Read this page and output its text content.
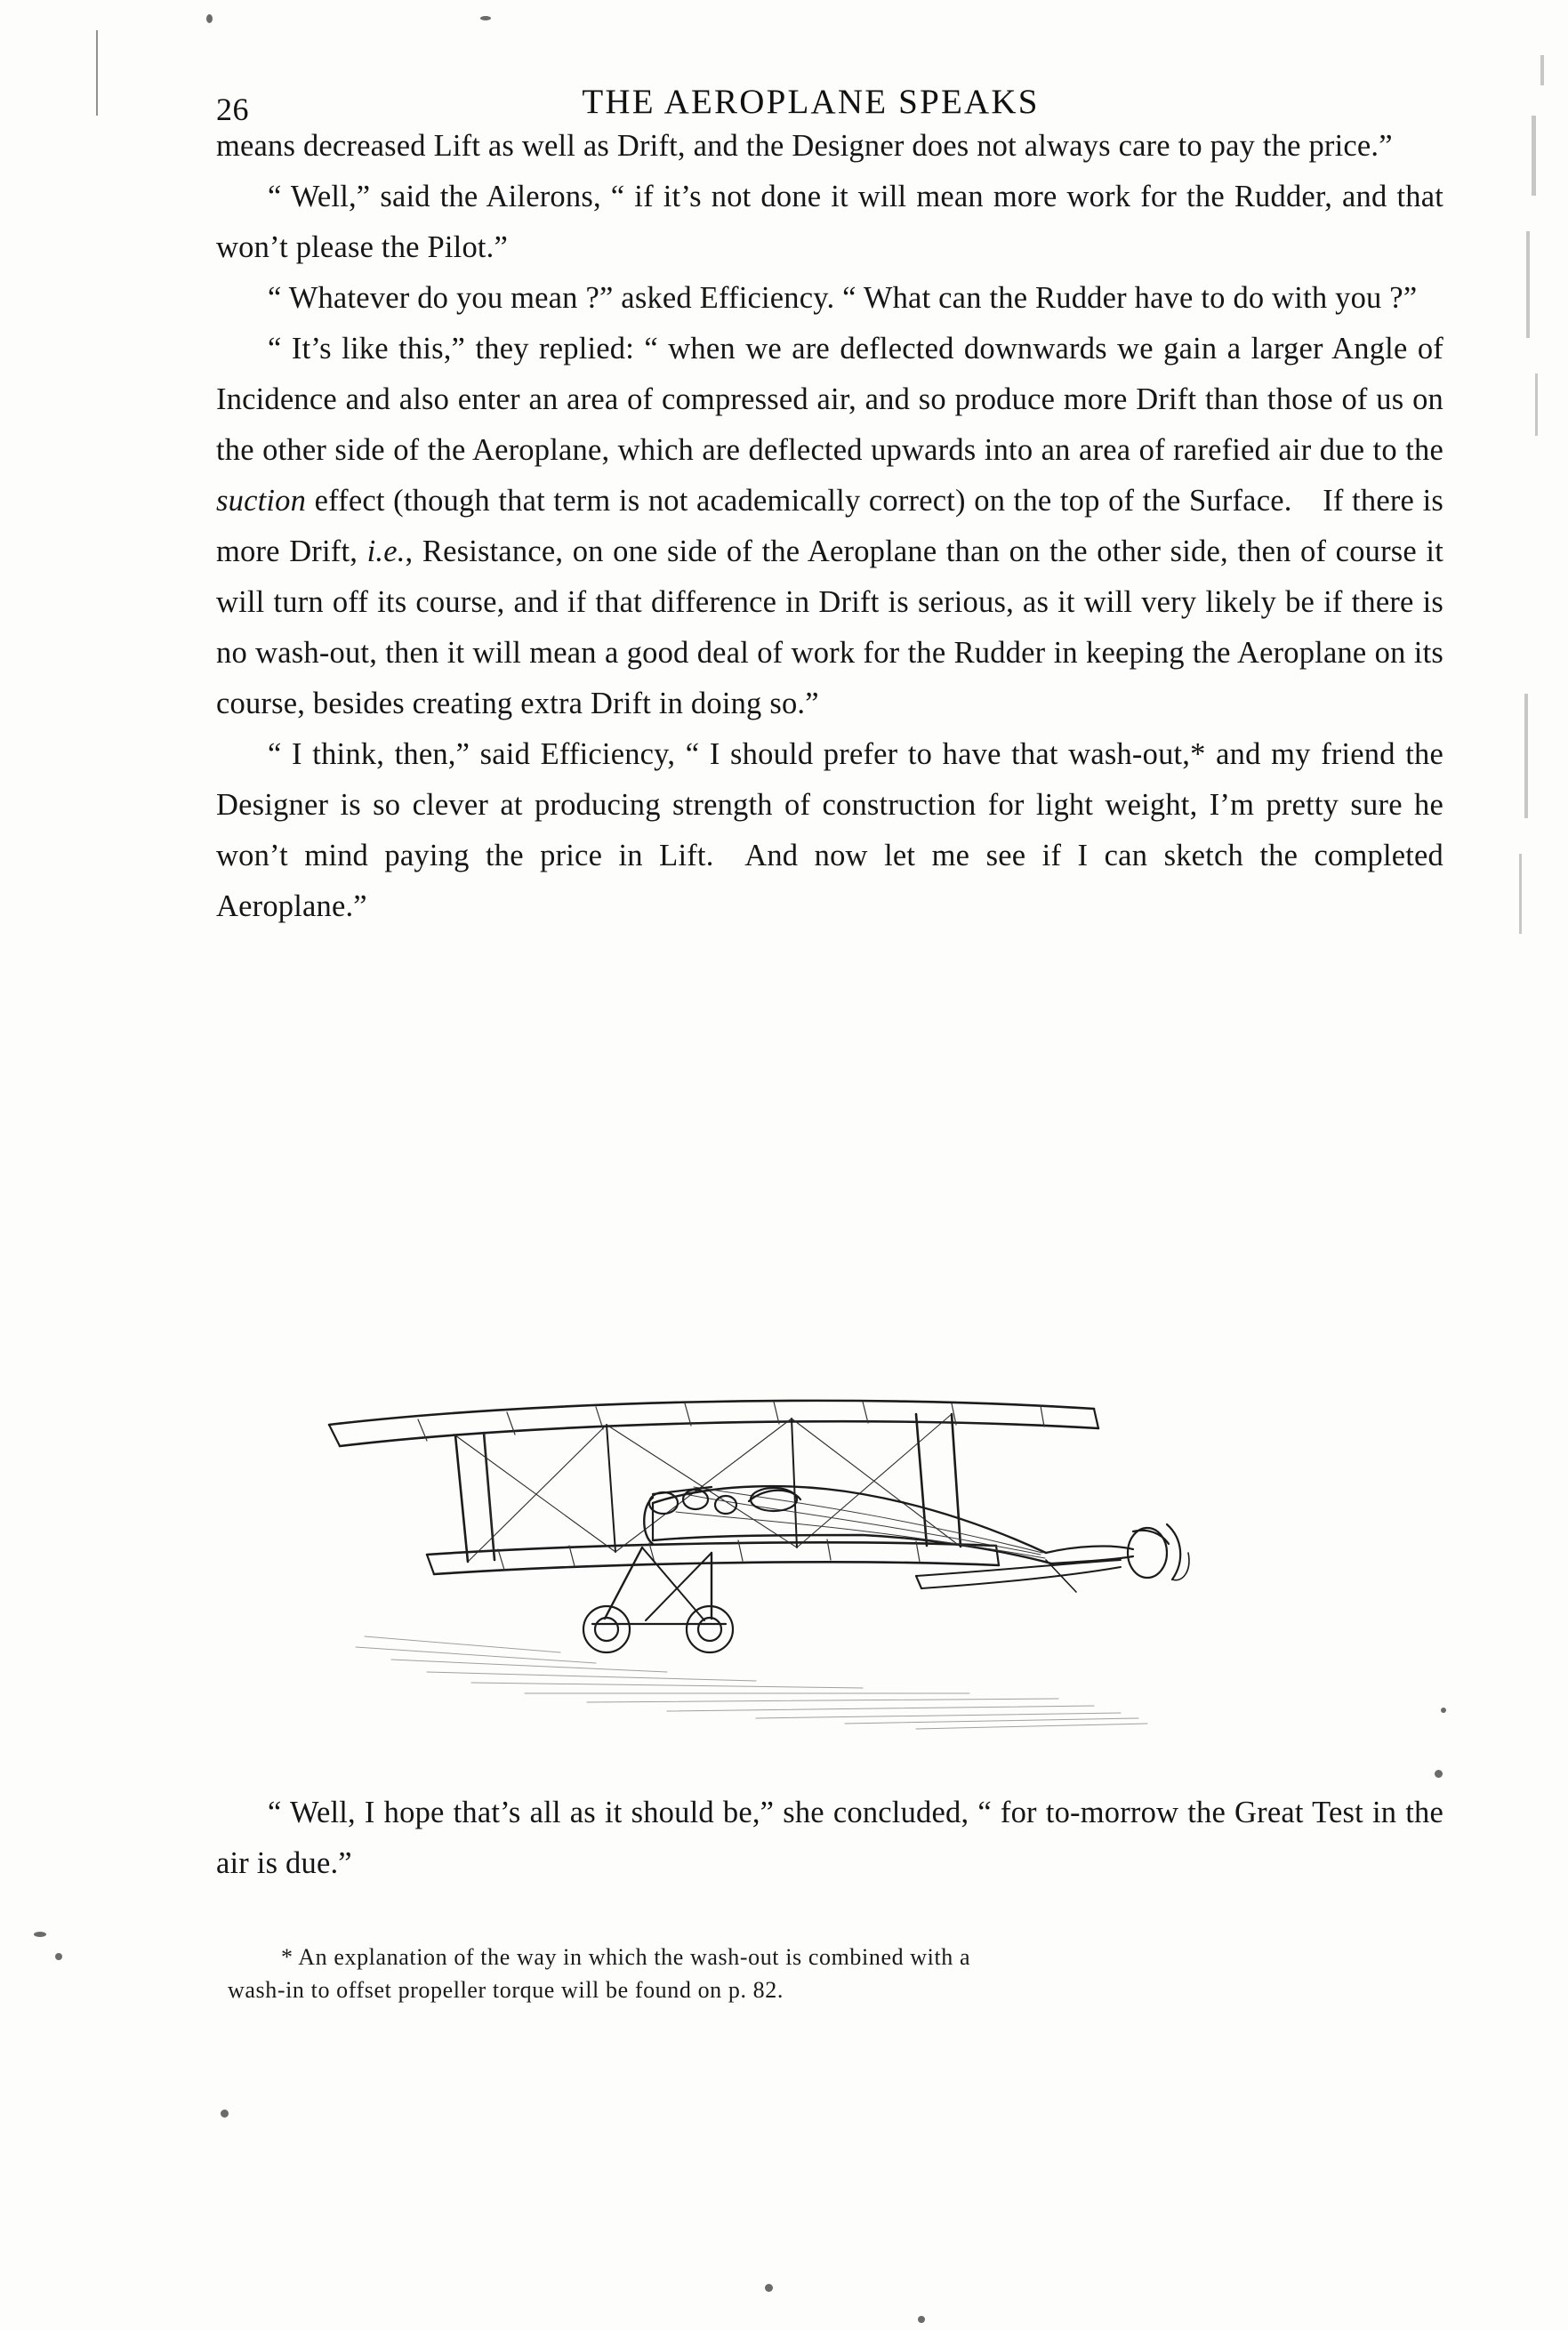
26	THE AEROPLANE SPEAKS

means decreased Lift as well as Drift, and the Designer does not always care to pay the price.”

“ Well,” said the Ailerons, “ if it’s not done it will mean more work for the Rudder, and that won’t please the Pilot.”

“ Whatever do you mean ?” asked Efficiency. “ What can the Rudder have to do with you ?”

“ It’s like this,” they replied: “ when we are deflected downwards we gain a larger Angle of Incidence and also enter an area of compressed air, and so produce more Drift than those of us on the other side of the Aeroplane, which are deflected upwards into an area of rarefied air due to the suction effect (though that term is not academically correct) on the top of the Surface. If there is more Drift, i.e., Resistance, on one side of the Aeroplane than on the other side, then of course it will turn off its course, and if that difference in Drift is serious, as it will very likely be if there is no wash-out, then it will mean a good deal of work for the Rudder in keeping the Aeroplane on its course, besides creating extra Drift in doing so.”

“ I think, then,” said Efficiency, “ I should prefer to have that wash-out,* and my friend the Designer is so clever at producing strength of construction for light weight, I’m pretty sure he won’t mind paying the price in Lift. And now let me see if I can sketch the completed Aeroplane.”

“ Well, I hope that’s all as it should be,” she concluded, “ for to-morrow the Great Test in the air is due.”

* An explanation of the way in which the wash-out is combined with a

wash-in to offset propeller torque will be found on p. 82.
